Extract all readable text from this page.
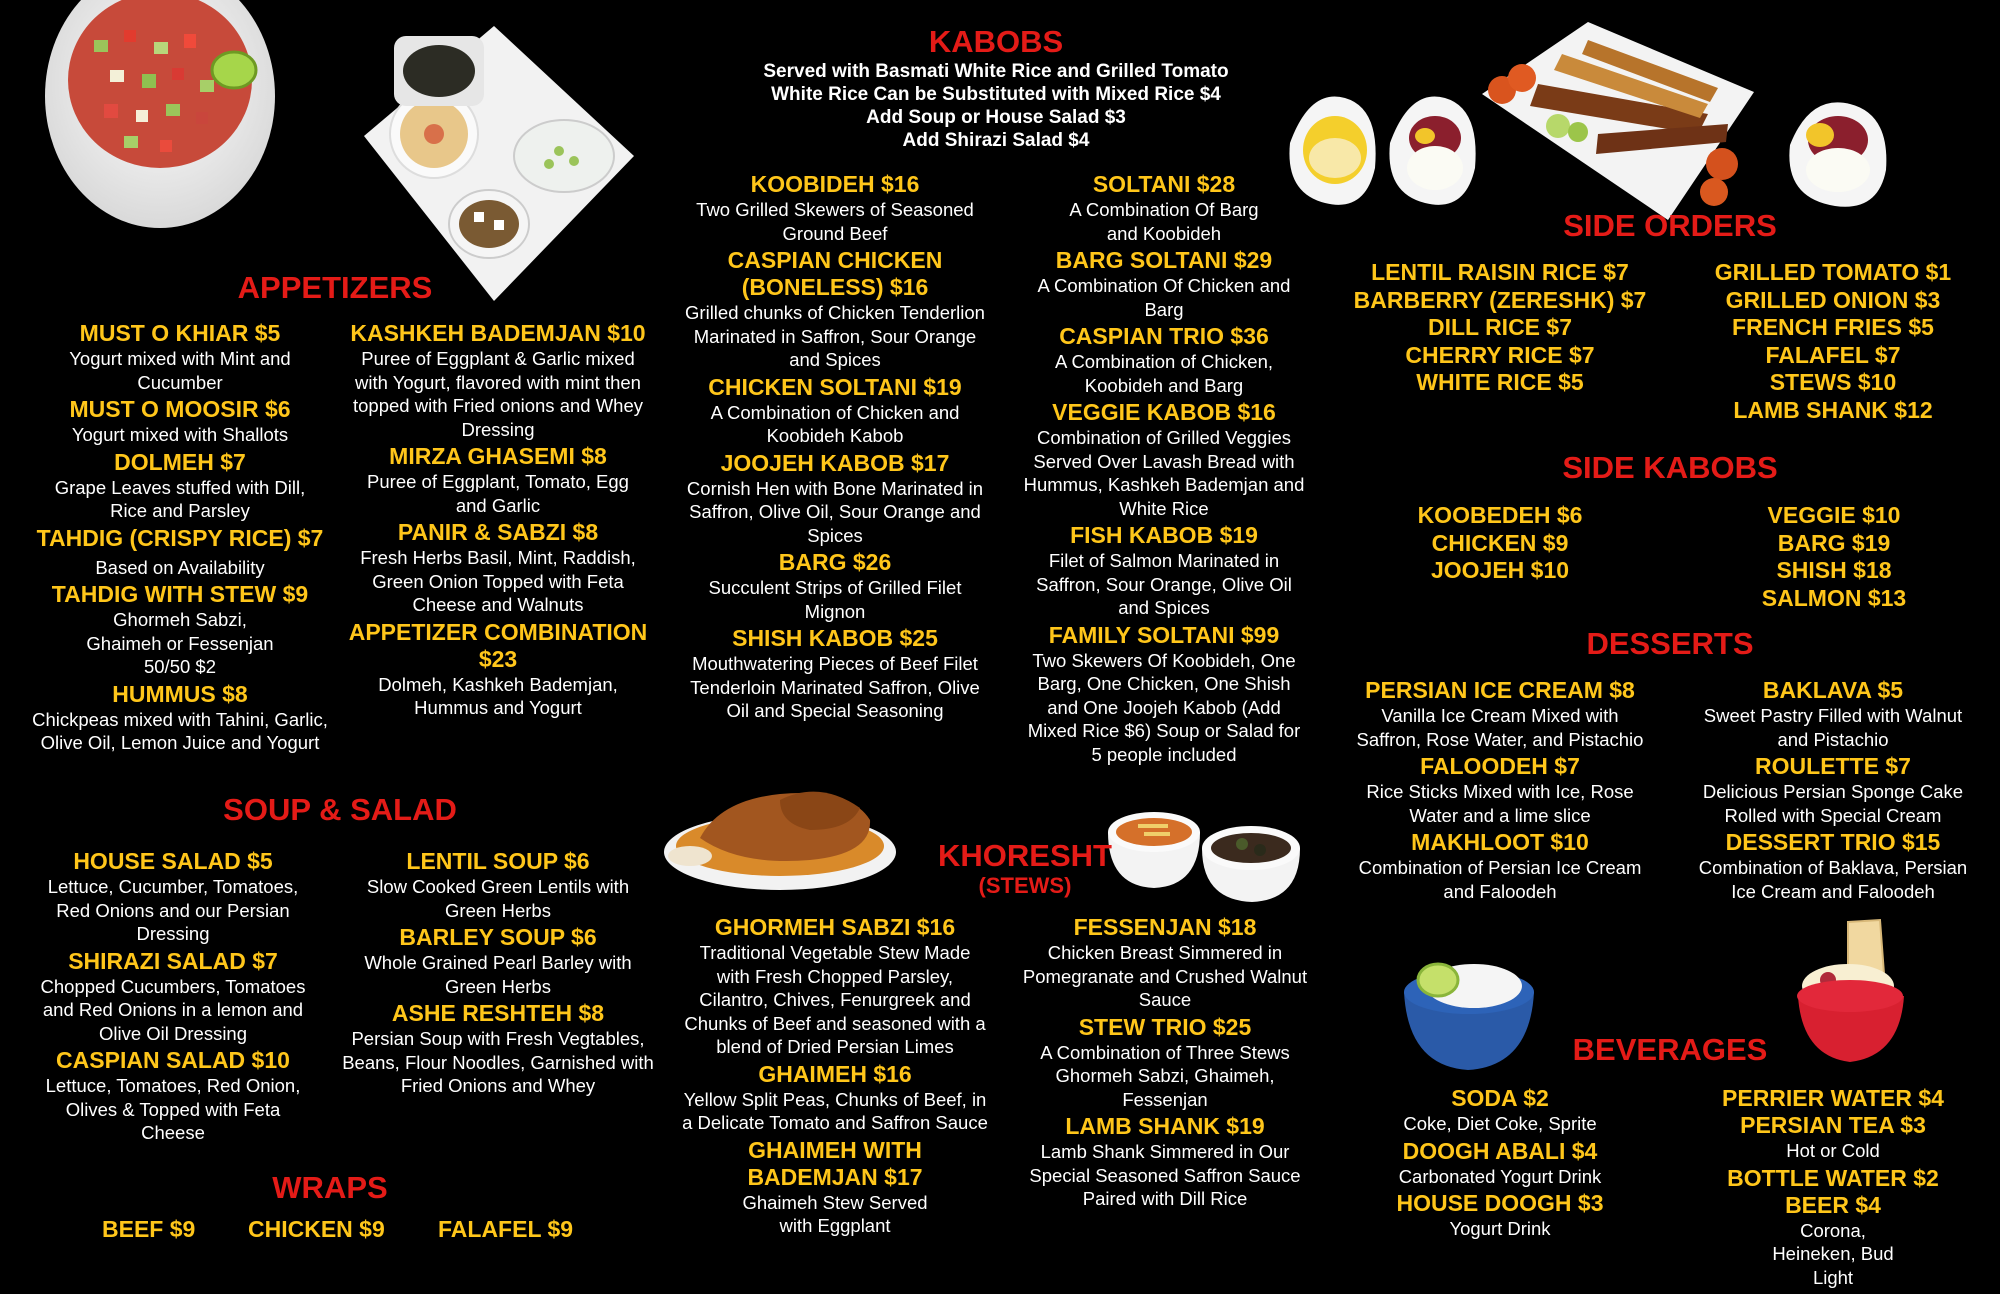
KABOBS
Served with Basmati White Rice and Grilled Tomato
White Rice Can be Substituted with Mixed Rice $4
Add Soup or House Salad $3
Add Shirazi Salad $4
KOOBIDEH $16
Two Grilled Skewers of Seasoned Ground Beef
CASPIAN CHICKEN (BONELESS) $16
Grilled chunks of Chicken Tenderlion Marinated in Saffron, Sour Orange and Spices
CHICKEN SOLTANI $19
A Combination of Chicken and Koobideh Kabob
JOOJEH KABOB $17
Cornish Hen with Bone Marinated in Saffron, Olive Oil, Sour Orange and Spices
BARG $26
Succulent Strips of Grilled Filet Mignon
SHISH KABOB $25
Mouthwatering Pieces of Beef Filet Tenderloin Marinated Saffron, Olive Oil and Special Seasoning
SOLTANI $28
A Combination Of Barg and Koobideh
BARG SOLTANI $29
A Combination Of Chicken and Barg
CASPIAN TRIO $36
A Combination of Chicken, Koobideh and Barg
VEGGIE KABOB $16
Combination of Grilled Veggies Served Over Lavash Bread with Hummus, Kashkeh Bademjan and White Rice
FISH KABOB $19
Filet of Salmon Marinated in Saffron, Sour Orange, Olive Oil and Spices
FAMILY SOLTANI $99
Two Skewers Of Koobideh, One Barg, One Chicken, One Shish and One Joojeh Kabob (Add Mixed Rice $6) Soup or Salad for 5 people included
APPETIZERS
MUST O KHIAR $5
Yogurt mixed with Mint and Cucumber
MUST O MOOSIR $6
Yogurt mixed with Shallots
DOLMEH $7
Grape Leaves stuffed with Dill, Rice and Parsley
TAHDIG (CRISPY RICE) $7
Based on Availability
TAHDIG WITH STEW $9
Ghormeh Sabzi, Ghaimeh or Fessenjan 50/50 $2
HUMMUS $8
Chickpeas mixed with Tahini, Garlic, Olive Oil, Lemon Juice and Yogurt
KASHKEH BADEMJAN $10
Puree of Eggplant & Garlic mixed with Yogurt, flavored with mint then topped with Fried onions and Whey Dressing
MIRZA GHASEMI $8
Puree of Eggplant, Tomato, Egg and Garlic
PANIR & SABZI $8
Fresh Herbs Basil, Mint, Raddish, Green Onion Topped with Feta Cheese and Walnuts
APPETIZER COMBINATION $23
Dolmeh, Kashkeh Bademjan, Hummus and Yogurt
SOUP & SALAD
HOUSE SALAD $5
Lettuce, Cucumber, Tomatoes, Red Onions and our Persian Dressing
SHIRAZI SALAD $7
Chopped Cucumbers, Tomatoes and Red Onions in a lemon and Olive Oil Dressing
CASPIAN SALAD $10
Lettuce, Tomatoes, Red Onion, Olives & Topped with Feta Cheese
LENTIL SOUP $6
Slow Cooked Green Lentils with Green Herbs
BARLEY SOUP $6
Whole Grained Pearl Barley with Green Herbs
ASHE RESHTEH $8
Persian Soup with Fresh Vegtables, Beans, Flour Noodles, Garnished with Fried Onions and Whey
WRAPS
BEEF $9 CHICKEN $9 FALAFEL $9
KHORESHT
(STEWS)
GHORMEH SABZI $16
Traditional Vegetable Stew Made with Fresh Chopped Parsley, Cilantro, Chives, Fenurgreek and Chunks of Beef and seasoned with a blend of Dried Persian Limes
GHAIMEH $16
Yellow Split Peas, Chunks of Beef, in a Delicate Tomato and Saffron Sauce
GHAIMEH WITH BADEMJAN $17
Ghaimeh Stew Served with Eggplant
FESSENJAN $18
Chicken Breast Simmered in Pomegranate and Crushed Walnut Sauce
STEW TRIO $25
A Combination of Three Stews Ghormeh Sabzi, Ghaimeh, Fessenjan
LAMB SHANK $19
Lamb Shank Simmered in Our Special Seasoned Saffron Sauce Paired with Dill Rice
SIDE ORDERS
LENTIL RAISIN RICE $7
BARBERRY (ZERESHK) $7
DILL RICE $7
CHERRY RICE $7
WHITE RICE $5
GRILLED TOMATO $1
GRILLED ONION $3
FRENCH FRIES $5
FALAFEL $7
STEWS $10
LAMB SHANK $12
SIDE KABOBS
KOOBEDEH $6
CHICKEN $9
JOOJEH $10
VEGGIE $10
BARG $19
SHISH $18
SALMON $13
DESSERTS
PERSIAN ICE CREAM $8
Vanilla Ice Cream Mixed with Saffron, Rose Water, and Pistachio
FALOODEH $7
Rice Sticks Mixed with Ice, Rose Water and a lime slice
MAKHLOOT $10
Combination of Persian Ice Cream and Faloodeh
BAKLAVA $5
Sweet Pastry Filled with Walnut and Pistachio
ROULETTE $7
Delicious Persian Sponge Cake Rolled with Special Cream
DESSERT TRIO $15
Combination of Baklava, Persian Ice Cream and Faloodeh
BEVERAGES
SODA $2
Coke, Diet Coke, Sprite
DOOGH ABALI $4
Carbonated Yogurt Drink
HOUSE DOOGH $3
Yogurt Drink
PERRIER WATER $4
PERSIAN TEA $3
Hot or Cold
BOTTLE WATER $2
BEER $4
Corona, Heineken, Bud Light
